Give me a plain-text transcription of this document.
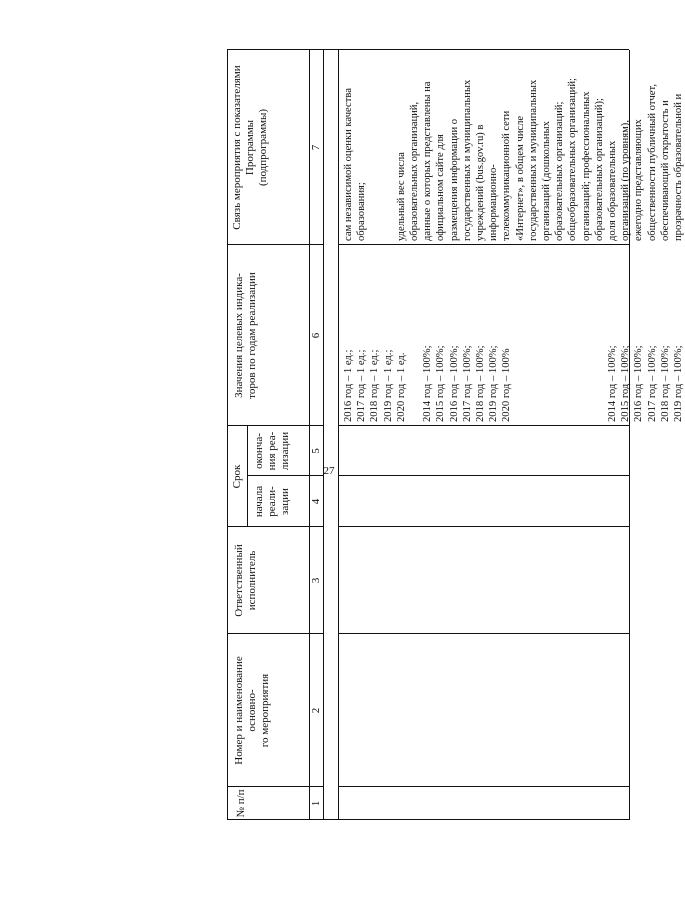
27
№ п/п
Номер и наименование основно- го мероприятия
Ответственный исполнитель
Срок
начала реали- зации
оконча- ния реа- лизации
Значения целевых индика- торов по годам реализации
Связь мероприятия с показателями Программы (подпрограммы)
1
2
3
4
5
6
7
2016 год – 1 ед.; 2017 год – 1 ед.; 2018 год – 1 ед.; 2019 год – 1 ед.; 2020 год – 1 ед.
2014 год – 100%; 2015 год – 100%; 2016 год – 100%; 2017 год – 100%; 2018 год – 100%; 2019 год – 100%; 2020 год – 100%

	2014 год – 100%; 2015 год – 100%; 2016 год – 100%; 2017 год – 100%; 2018 год – 100%; 2019 год – 100%;
сам независимой оценки качества образования;

	удельный вес числа образовательных организаций, данные о которых представлены на официальном сайте для размещения информации о государственных и муниципальных учреждений (bus.gov.ru) в информационно- телекоммуникационной сети «Интернет», в общем числе государственных и муниципальных организаций (дошкольных образовательных организаций; общеобразовательных организаций; организаций; профессиональных образовательных организаций); доля образовательных организаций (по уровням), ежегодно представляющих общественности публичный отчет, обеспечивающий открытость и прозрачность образовательной и
